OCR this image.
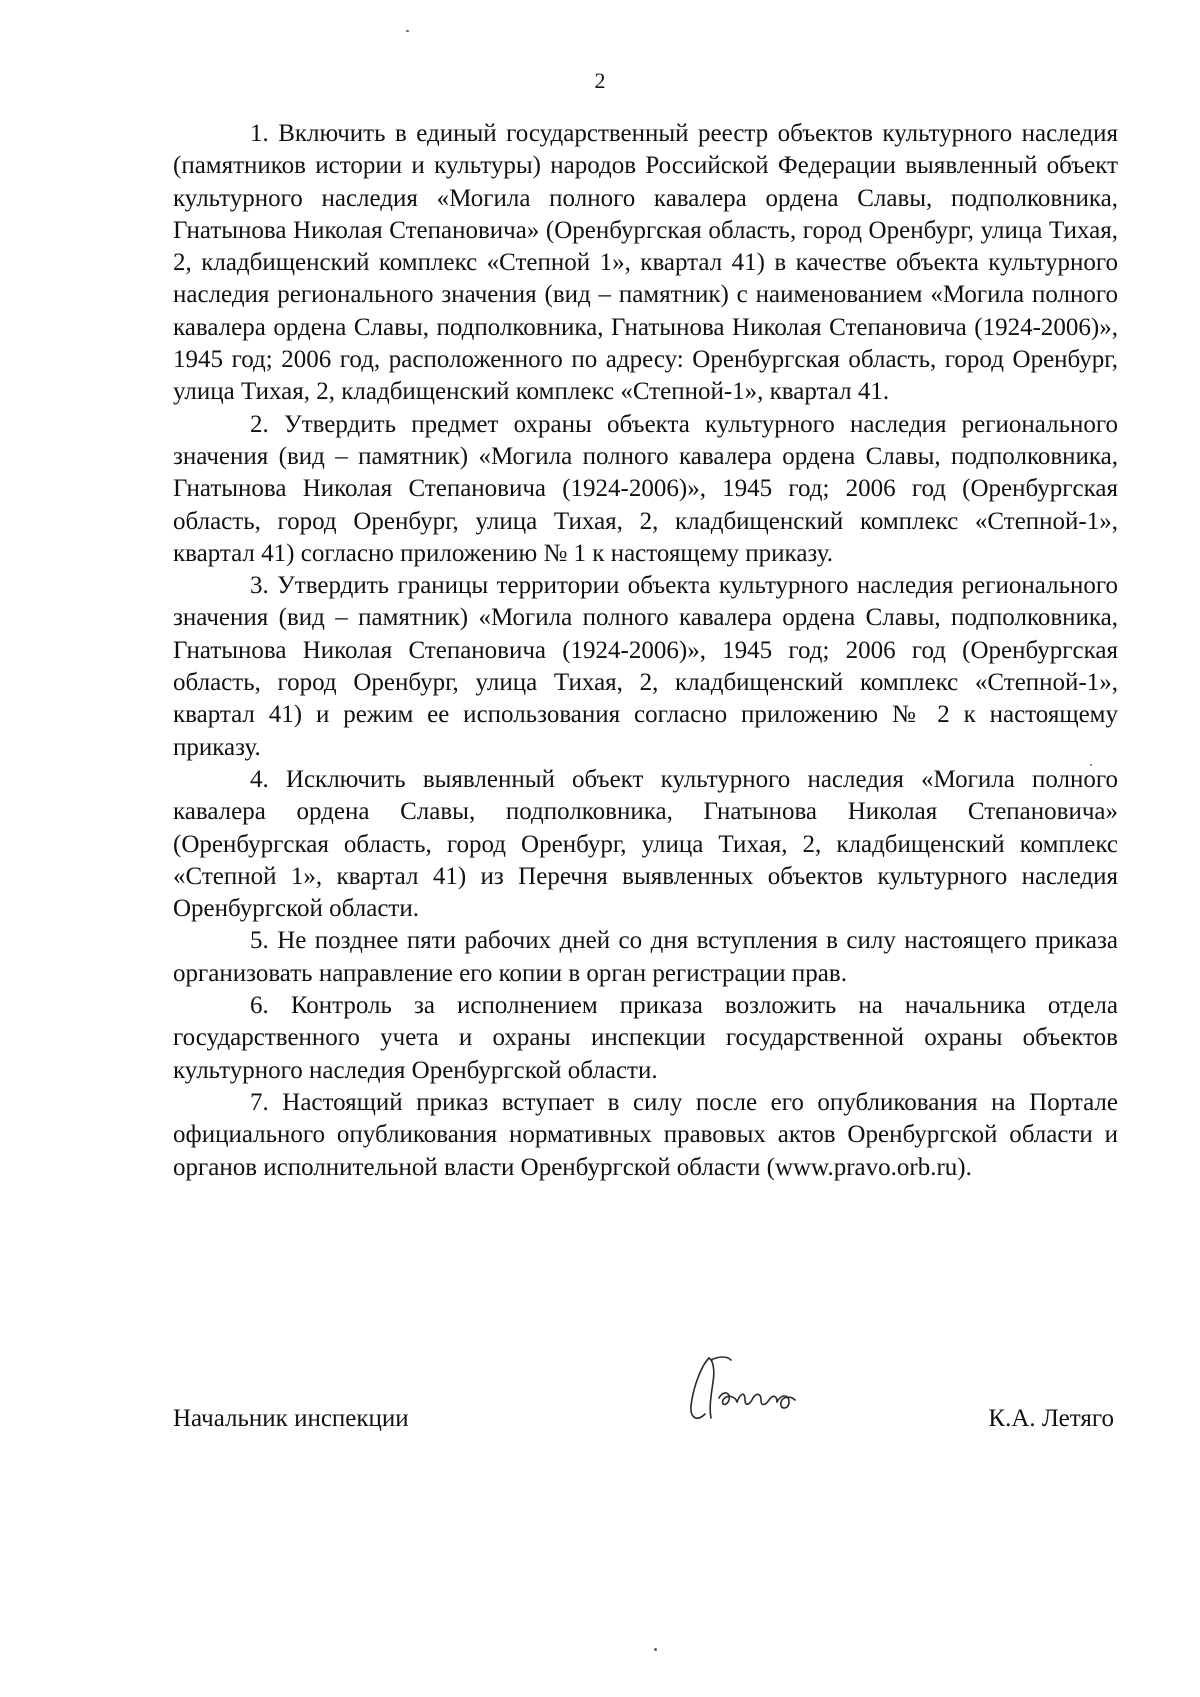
2

1. Включить в единый государственный реестр объектов культурного наследия (памятников истории и культуры) народов Российской Федерации выявленный объект культурного наследия «Могила полного кавалера ордена Славы, подполковника, Гнатынова Николая Степановича» (Оренбургская область, город Оренбург, улица Тихая, 2, кладбищенский комплекс «Степной 1», квартал 41) в качестве объекта культурного наследия регионального значения (вид – памятник) с наименованием «Могила полного кавалера ордена Славы, подполковника, Гнатынова Николая Степановича (1924-2006)», 1945 год; 2006 год, расположенного по адресу: Оренбургская область, город Оренбург, улица Тихая, 2, кладбищенский комплекс «Степной-1», квартал 41.

2. Утвердить предмет охраны объекта культурного наследия регионального значения (вид – памятник) «Могила полного кавалера ордена Славы, подполковника, Гнатынова Николая Степановича (1924-2006)», 1945 год; 2006 год (Оренбургская область, город Оренбург, улица Тихая, 2, кладбищенский комплекс «Степной-1», квартал 41) согласно приложению № 1 к настоящему приказу.

3. Утвердить границы территории объекта культурного наследия регионального значения (вид – памятник) «Могила полного кавалера ордена Славы, подполковника, Гнатынова Николая Степановича (1924-2006)», 1945 год; 2006 год (Оренбургская область, город Оренбург, улица Тихая, 2, кладбищенский комплекс «Степной-1», квартал 41) и режим ее использования согласно приложению № 2 к настоящему приказу.

4. Исключить выявленный объект культурного наследия «Могила полного кавалера ордена Славы, подполковника, Гнатынова Николая Степановича» (Оренбургская область, город Оренбург, улица Тихая, 2, кладбищенский комплекс «Степной 1», квартал 41) из Перечня выявленных объектов культурного наследия Оренбургской области.

5. Не позднее пяти рабочих дней со дня вступления в силу настоящего приказа организовать направление его копии в орган регистрации прав.

6. Контроль за исполнением приказа возложить на начальника отдела государственного учета и охраны инспекции государственной охраны объектов культурного наследия Оренбургской области.

7. Настоящий приказ вступает в силу после его опубликования на Портале официального опубликования нормативных правовых актов Оренбургской области и органов исполнительной власти Оренбургской области (www.pravo.orb.ru).

Начальник инспекции	К.А. Летяго
